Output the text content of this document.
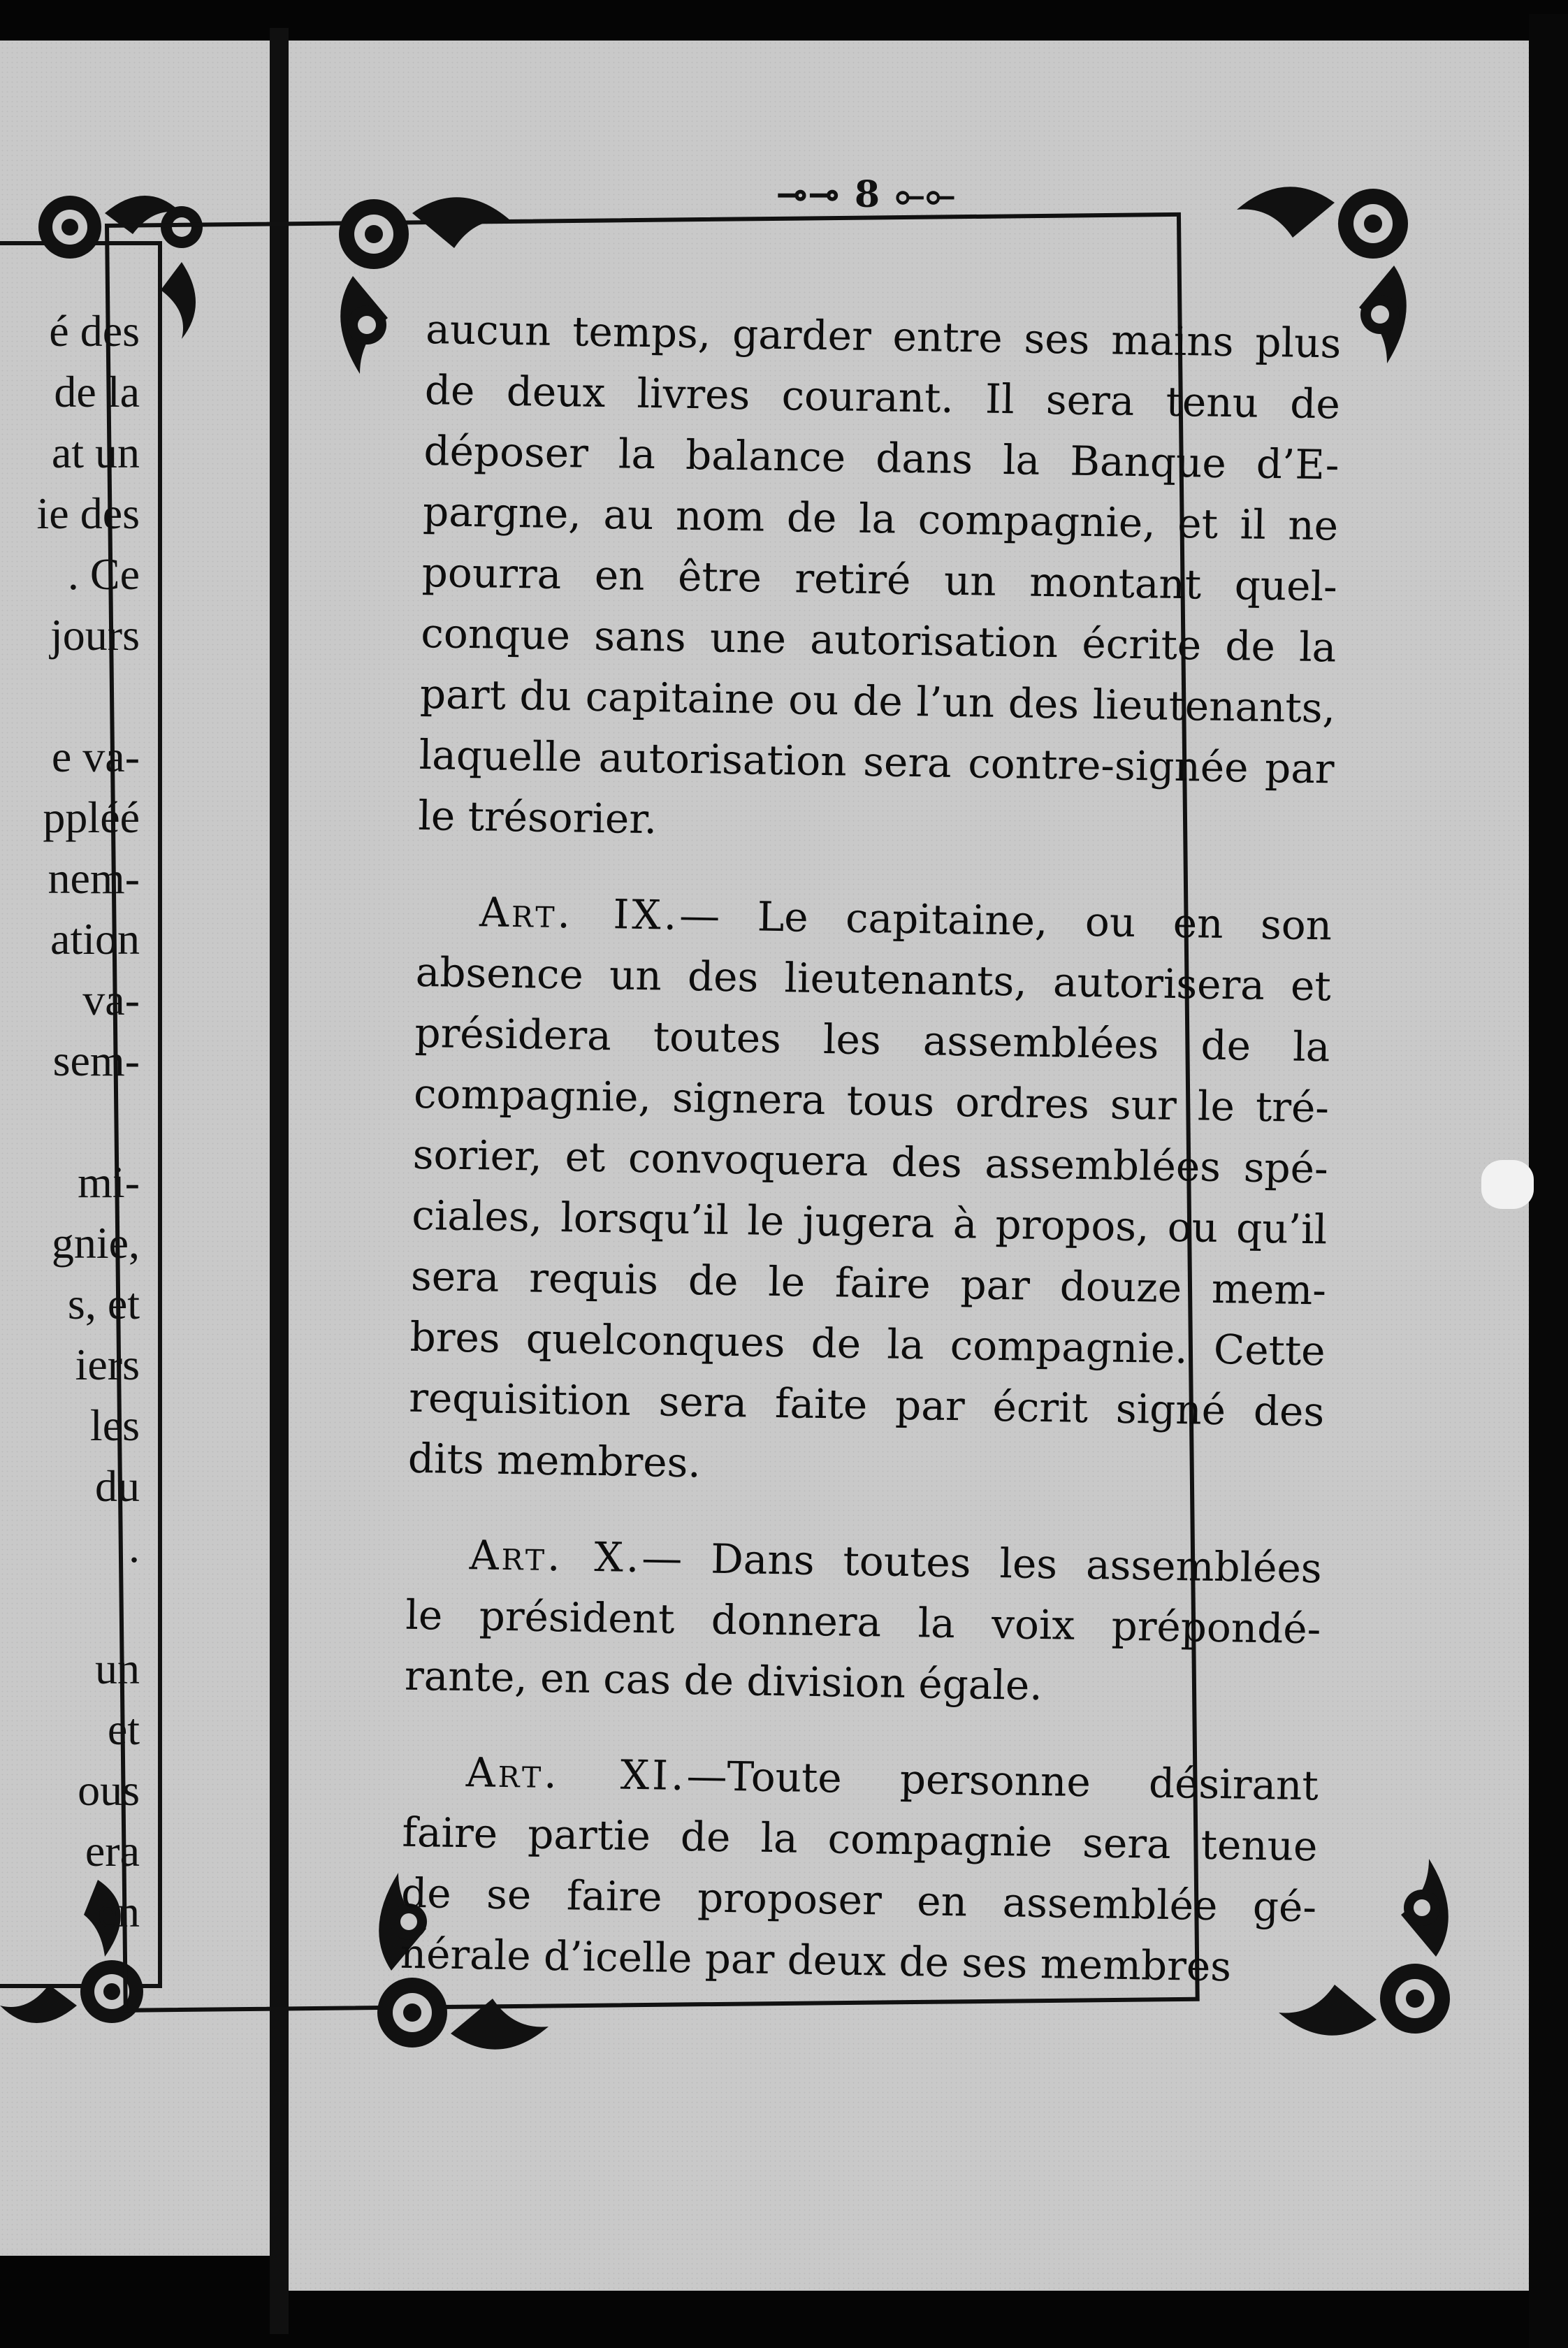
é des
de la
at un
ie des
. Ce
jours
e va-
ppléé
nem-
ation
va-
sem-
mi-
gnie,
s, et
iers
les
du
.
un
et
ous
era
en
⊸⊸ 8 ⟜⟜
aucun temps, garder entre ses mains plus
de deux livres courant. Il sera tenu de
déposer la balance dans la Banque d’E-
pargne, au nom de la compagnie, et il ne
pourra en être retiré un montant quel-
conque sans une autorisation écrite de la
part du capitaine ou de l’un des lieutenants,
laquelle autorisation sera contre-signée par
le trésorier.
Art. IX.— Le capitaine, ou en son
absence un des lieutenants, autorisera et
présidera toutes les assemblées de la
compagnie, signera tous ordres sur le tré-
sorier, et convoquera des assemblées spé-
ciales, lorsqu’il le jugera à propos, ou qu’il
sera requis de le faire par douze mem-
bres quelconques de la compagnie. Cette
requisition sera faite par écrit signé des
dits membres.
Art. X.— Dans toutes les assemblées
le président donnera la voix prépondé-
rante, en cas de division égale.
Art. XI.—Toute personne désirant
faire partie de la compagnie sera tenue
de se faire proposer en assemblée gé-
nérale d’icelle par deux de ses membres
